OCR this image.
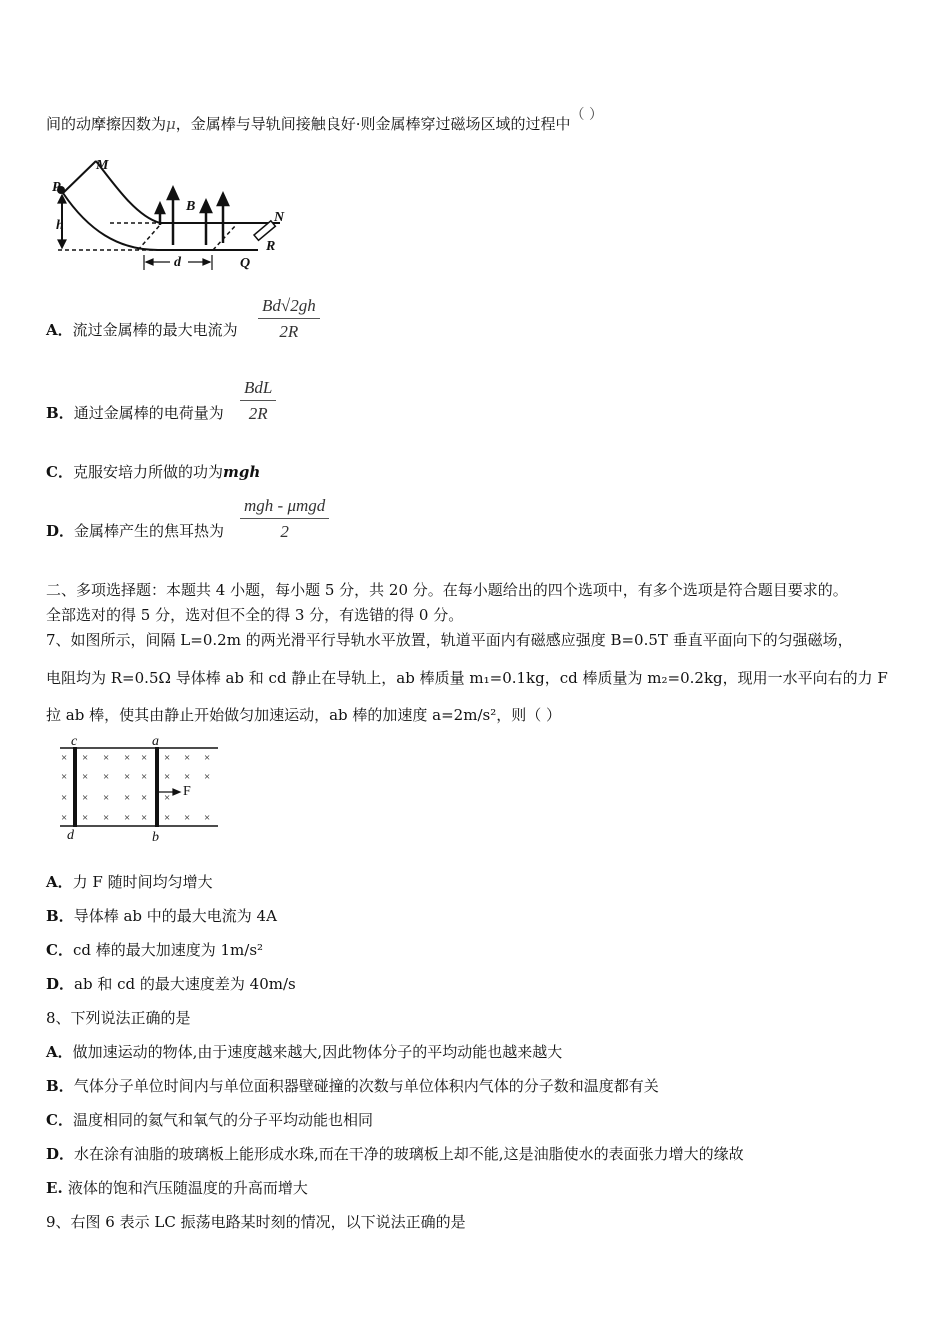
间的动摩擦因数为μ，金属棒与导轨间接触良好·则金属棒穿过磁场区域的过程中（ ）
M
P
B
N
h
d	Q
R
A．流过金属棒的最大电流为 $\frac{Bd√2gh}{2R}$
B．通过金属棒的电荷量为
BdL
2R
C．克服安培力所做的功为mgh
D．金属棒产生的焦耳热为
mgh - μmgd
2
二、多项选择题：本题共 4 小题，每小题 5 分，共 20 分。在每小题给出的四个选项中，有多个选项是符合题目要求的。
全部选对的得 5 分，选对但不全的得 3 分，有选错的得 0 分。
7、如图所示，间隔 L=0.2m 的两光滑平行导轨水平放置，轨道平面内有磁感应强度 B=0.5T 垂直平面向下的匀强磁场，
电阻均为 R=0.5Ω 导体棒 ab 和 cd 静止在导轨上，ab 棒质量 m₁=0.1kg，cd 棒质量为 m₂=0.2kg，现用一水平向右的力 F
拉 ab 棒，使其由静止开始做匀加速运动，ab 棒的加速度 a=2m/s²，则（ ）
× × × × × × × ×
× × × × × × × ×
× × × × × ×
× × × × × × × ×
c	a
d	b
F
A．力 F 随时间均匀增大
B．导体棒 ab 中的最大电流为 4A
C．cd 棒的最大加速度为 1m/s²
D．ab 和 cd 的最大速度差为 40m/s
8、下列说法正确的是
A．做加速运动的物体,由于速度越来越大,因此物体分子的平均动能也越来越大
B．气体分子单位时间内与单位面积器壁碰撞的次数与单位体积内气体的分子数和温度都有关
C．温度相同的氦气和氧气的分子平均动能也相同
D．水在涂有油脂的玻璃板上能形成水珠,而在干净的玻璃板上却不能,这是油脂使水的表面张力增大的缘故
E. 液体的饱和汽压随温度的升高而增大
9、右图 6 表示 LC 振荡电路某时刻的情况，以下说法正确的是
